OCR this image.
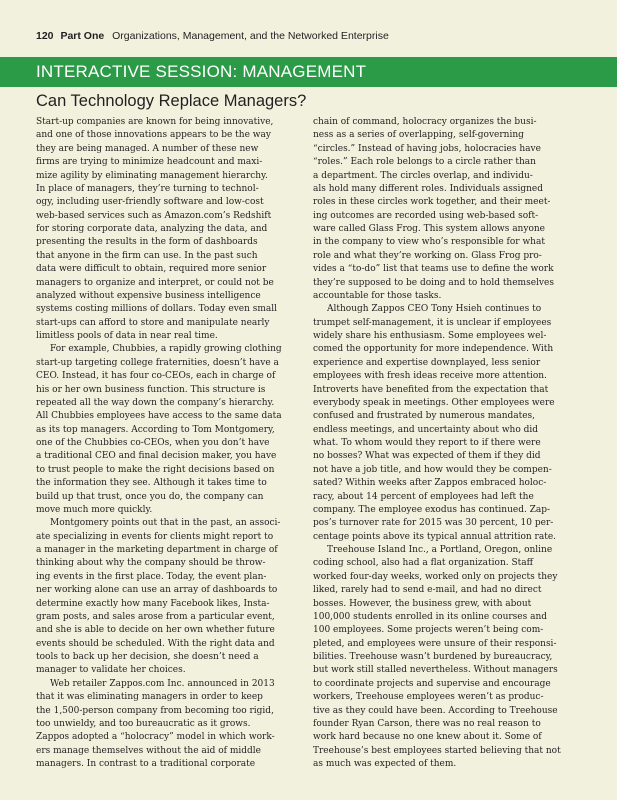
120 Part One Organizations, Management, and the Networked Enterprise
INTERACTIVE SESSION: MANAGEMENT
Can Technology Replace Managers?
Start-up companies are known for being innovative,
and one of those innovations appears to be the way
they are being managed. A number of these new
firms are trying to minimize headcount and maxi-
mize agility by eliminating management hierarchy.
In place of managers, they’re turning to technol-
ogy, including user-friendly software and low-cost
web-based services such as Amazon.com’s Redshift
for storing corporate data, analyzing the data, and
presenting the results in the form of dashboards
that anyone in the firm can use. In the past such
data were difficult to obtain, required more senior
managers to organize and interpret, or could not be
analyzed without expensive business intelligence
systems costing millions of dollars. Today even small
start-ups can afford to store and manipulate nearly
limitless pools of data in near real time.
For example, Chubbies, a rapidly growing clothing
start-up targeting college fraternities, doesn’t have a
CEO. Instead, it has four co-CEOs, each in charge of
his or her own business function. This structure is
repeated all the way down the company’s hierarchy.
All Chubbies employees have access to the same data
as its top managers. According to Tom Montgomery,
one of the Chubbies co-CEOs, when you don’t have
a traditional CEO and final decision maker, you have
to trust people to make the right decisions based on
the information they see. Although it takes time to
build up that trust, once you do, the company can
move much more quickly.
Montgomery points out that in the past, an associ-
ate specializing in events for clients might report to
a manager in the marketing department in charge of
thinking about why the company should be throw-
ing events in the first place. Today, the event plan-
ner working alone can use an array of dashboards to
determine exactly how many Facebook likes, Insta-
gram posts, and sales arose from a particular event,
and she is able to decide on her own whether future
events should be scheduled. With the right data and
tools to back up her decision, she doesn’t need a
manager to validate her choices.
Web retailer Zappos.com Inc. announced in 2013
that it was eliminating managers in order to keep
the 1,500-person company from becoming too rigid,
too unwieldy, and too bureaucratic as it grows.
Zappos adopted a “holocracy” model in which work-
ers manage themselves without the aid of middle
managers. In contrast to a traditional corporate
chain of command, holocracy organizes the busi-
ness as a series of overlapping, self-governing
“circles.” Instead of having jobs, holocracies have
“roles.” Each role belongs to a circle rather than
a department. The circles overlap, and individu-
als hold many different roles. Individuals assigned
roles in these circles work together, and their meet-
ing outcomes are recorded using web-based soft-
ware called Glass Frog. This system allows anyone
in the company to view who’s responsible for what
role and what they’re working on. Glass Frog pro-
vides a “to-do” list that teams use to define the work
they’re supposed to be doing and to hold themselves
accountable for those tasks.
Although Zappos CEO Tony Hsieh continues to
trumpet self-management, it is unclear if employees
widely share his enthusiasm. Some employees wel-
comed the opportunity for more independence. With
experience and expertise downplayed, less senior
employees with fresh ideas receive more attention.
Introverts have benefited from the expectation that
everybody speak in meetings. Other employees were
confused and frustrated by numerous mandates,
endless meetings, and uncertainty about who did
what. To whom would they report to if there were
no bosses? What was expected of them if they did
not have a job title, and how would they be compen-
sated? Within weeks after Zappos embraced holoc-
racy, about 14 percent of employees had left the
company. The employee exodus has continued. Zap-
pos’s turnover rate for 2015 was 30 percent, 10 per-
centage points above its typical annual attrition rate.
Treehouse Island Inc., a Portland, Oregon, online
coding school, also had a flat organization. Staff
worked four-day weeks, worked only on projects they
liked, rarely had to send e-mail, and had no direct
bosses. However, the business grew, with about
100,000 students enrolled in its online courses and
100 employees. Some projects weren’t being com-
pleted, and employees were unsure of their responsi-
bilities. Treehouse wasn’t burdened by bureaucracy,
but work still stalled nevertheless. Without managers
to coordinate projects and supervise and encourage
workers, Treehouse employees weren’t as produc-
tive as they could have been. According to Treehouse
founder Ryan Carson, there was no real reason to
work hard because no one knew about it. Some of
Treehouse’s best employees started believing that not
as much was expected of them.
